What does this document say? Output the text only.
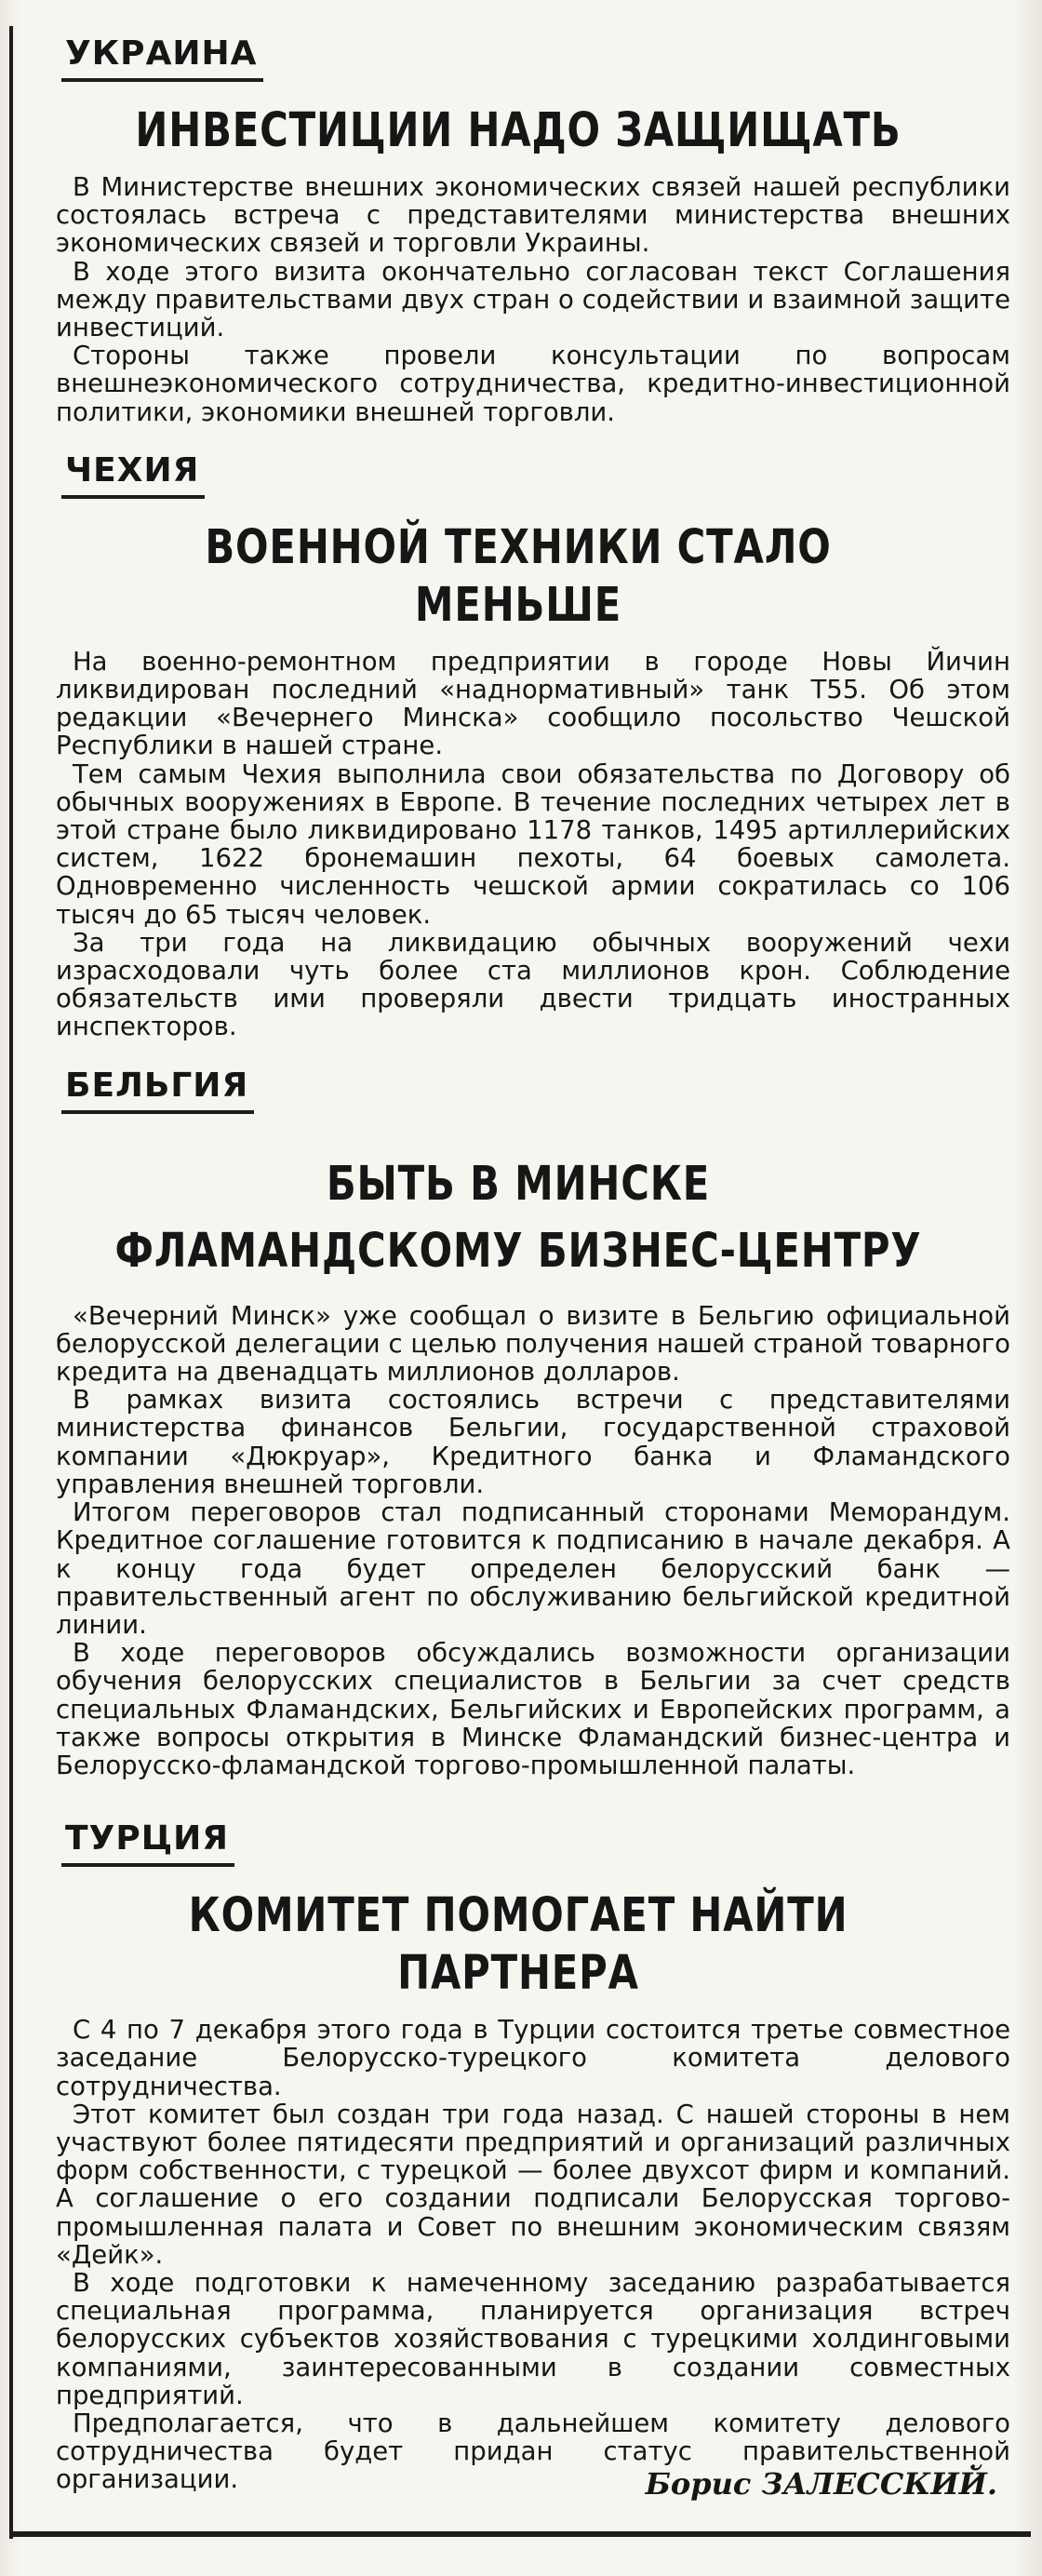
УКРАИНА
ИНВЕСТИЦИИ НАДО ЗАЩИЩАТЬ

В Министерстве внешних экономических связей нашей республики состоялась встреча с представителями министерства внешних экономических связей и торговли Украины.

В ходе этого визита окончательно согласован текст Соглашения между правительствами двух стран о содействии и взаимной защите инвестиций.

Стороны также провели консультации по вопросам внешнеэкономического сотрудничества, кредитно-инвестиционной политики, экономики внешней торговли.

ЧЕХИЯ
ВОЕННОЙ ТЕХНИКИ СТАЛО МЕНЬШЕ

На военно-ремонтном предприятии в городе Новы Йичин ликвидирован последний «наднормативный» танк Т55. Об этом редакции «Вечернего Минска» сообщило посольство Чешской Республики в нашей стране.

Тем самым Чехия выполнила свои обязательства по Договору об обычных вооружениях в Европе. В течение последних четырех лет в этой стране было ликвидировано 1178 танков, 1495 артиллерийских систем, 1622 бронемашин пехоты, 64 боевых самолета. Одновременно численность чешской армии сократилась со 106 тысяч до 65 тысяч человек.

За три года на ликвидацию обычных вооружений чехи израсходовали чуть более ста миллионов крон. Соблюдение обязательств ими проверяли двести тридцать иностранных инспекторов.

БЕЛЬГИЯ
БЫТЬ В МИНСКЕ
ФЛАМАНДСКОМУ БИЗНЕС-ЦЕНТРУ

«Вечерний Минск» уже сообщал о визите в Бельгию официальной белорусской делегации с целью получения нашей страной товарного кредита на двенадцать миллионов долларов.

В рамках визита состоялись встречи с представителями министерства финансов Бельгии, государственной страховой компании «Дюкруар», Кредитного банка и Фламандского управления внешней торговли.

Итогом переговоров стал подписанный сторонами Меморандум. Кредитное соглашение готовится к подписанию в начале декабря. А к концу года будет определен белорусский банк — правительственный агент по обслуживанию бельгийской кредитной линии.

В ходе переговоров обсуждались возможности организации обучения белорусских специалистов в Бельгии за счет средств специальных Фламандских, Бельгийских и Европейских программ, а также вопросы открытия в Минске Фламандский бизнес-центра и Белорусско-фламандской торгово-промышленной палаты.

ТУРЦИЯ
КОМИТЕТ ПОМОГАЕТ НАЙТИ ПАРТНЕРА

С 4 по 7 декабря этого года в Турции состоится третье совместное заседание Белорусско-турецкого комитета делового сотрудничества.

Этот комитет был создан три года назад. С нашей стороны в нем участвуют более пятидесяти предприятий и организаций различных форм собственности, с турецкой — более двухсот фирм и компаний. А соглашение о его создании подписали Белорусская торгово-промышленная палата и Совет по внешним экономическим связям «Дейк».

В ходе подготовки к намеченному заседанию разрабатывается специальная программа, планируется организация встреч белорусских субъектов хозяйствования с турецкими холдинговыми компаниями, заинтересованными в создании совместных предприятий.

Предполагается, что в дальнейшем комитету делового сотрудничества будет придан статус правительственной организации.	Борис ЗАЛЕССКИЙ.
